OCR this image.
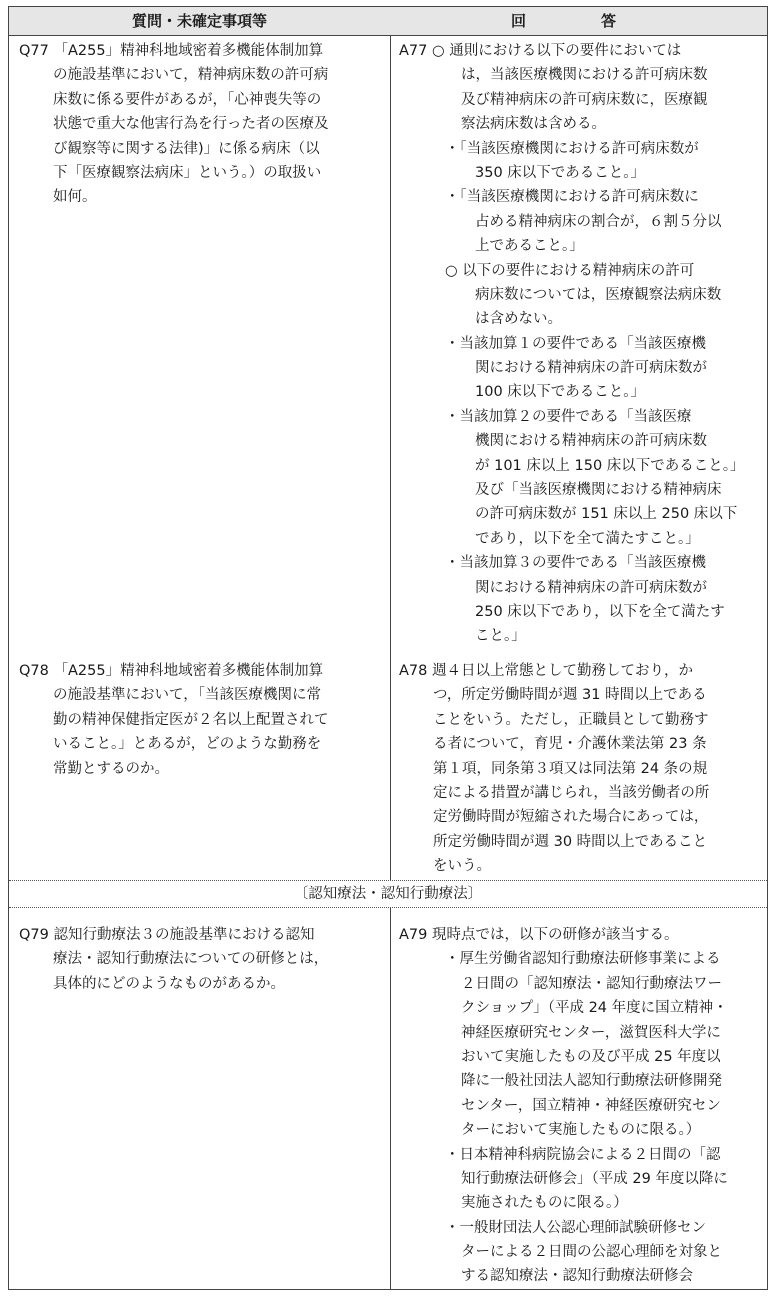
質問・未確定事項等	回　答
Q77 「A255」精神科地域密着多機能体制加算
の施設基準において，精神病床数の許可病
床数に係る要件があるが，「心神喪失等の
状態で重大な他害行為を行った者の医療及
び観察等に関する法律)」に係る病床（以
下「医療観察法病床」という。）の取扱い
如何。
A77 ○ 通則における以下の要件においては
は，当該医療機関における許可病床数
及び精神病床の許可病床数に，医療観
察法病床数は含める。
・「当該医療機関における許可病床数が
350 床以下であること。」
・「当該医療機関における許可病床数に
占める精神病床の割合が，６割５分以
上であること。」
○ 以下の要件における精神病床の許可
病床数については，医療観察法病床数
は含めない。
・当該加算１の要件である「当該医療機
関における精神病床の許可病床数が
100 床以下であること。」
・当該加算２の要件である「当該医療
機関における精神病床の許可病床数
が 101 床以上 150 床以下であること。」
及び「当該医療機関における精神病床
の許可病床数が 151 床以上 250 床以下
であり，以下を全て満たすこと。」
・当該加算３の要件である「当該医療機
関における精神病床の許可病床数が
250 床以下であり，以下を全て満たす
こと。」
Q78 「A255」精神科地域密着多機能体制加算
の施設基準において，「当該医療機関に常
勤の精神保健指定医が２名以上配置されて
いること。」とあるが，どのような勤務を
常勤とするのか。
A78 週４日以上常態として勤務しており，か
つ，所定労働時間が週 31 時間以上である
ことをいう。ただし，正職員として勤務す
る者について，育児・介護休業法第 23 条
第１項，同条第３項又は同法第 24 条の規
定による措置が講じられ，当該労働者の所
定労働時間が短縮された場合にあっては，
所定労働時間が週 30 時間以上であること
をいう。
〔認知療法・認知行動療法〕
Q79 認知行動療法３の施設基準における認知
療法・認知行動療法についての研修とは，
具体的にどのようなものがあるか。
A79 現時点では，以下の研修が該当する。
・厚生労働省認知行動療法研修事業による
２日間の「認知療法・認知行動療法ワー
クショップ」（平成 24 年度に国立精神・
神経医療研究センター，滋賀医科大学に
おいて実施したもの及び平成 25 年度以
降に一般社団法人認知行動療法研修開発
センター，国立精神・神経医療研究セン
ターにおいて実施したものに限る。）
・日本精神科病院協会による２日間の「認
知行動療法研修会」（平成 29 年度以降に
実施されたものに限る。）
・一般財団法人公認心理師試験研修セン
ターによる２日間の公認心理師を対象と
する認知療法・認知行動療法研修会
